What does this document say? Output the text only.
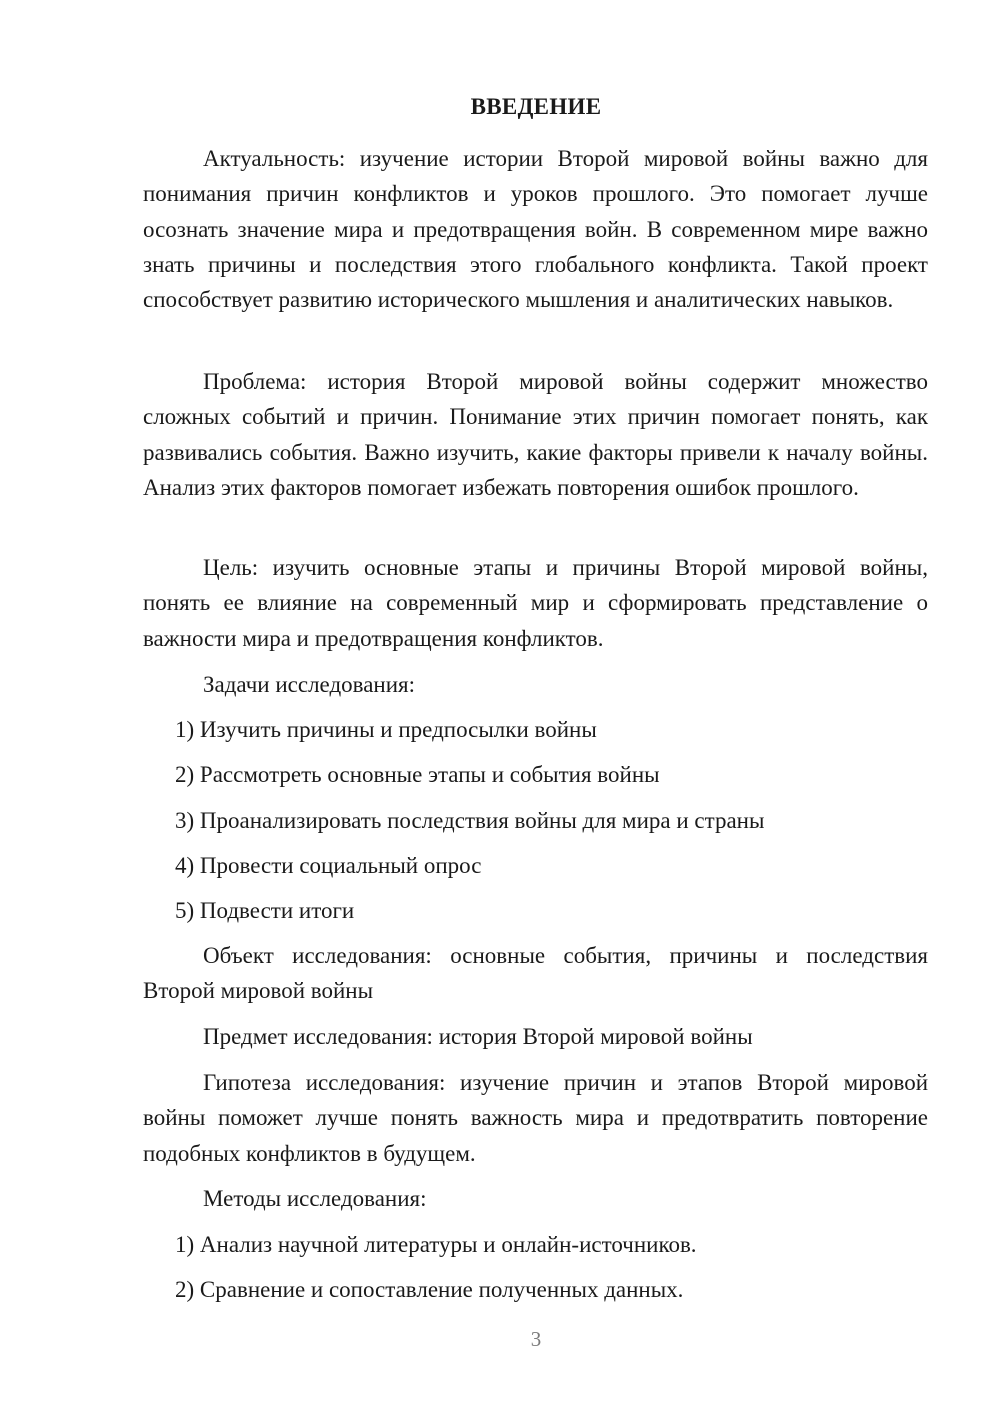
ВВЕДЕНИЕ

Актуальность: изучение истории Второй мировой войны важно для понимания причин конфликтов и уроков прошлого. Это помогает лучше осознать значение мира и предотвращения войн. В современном мире важно знать причины и последствия этого глобального конфликта. Такой проект способствует развитию исторического мышления и аналитических навыков.

Проблема: история Второй мировой войны содержит множество сложных событий и причин. Понимание этих причин помогает понять, как развивались события. Важно изучить, какие факторы привели к началу войны. Анализ этих факторов помогает избежать повторения ошибок прошлого.

Цель: изучить основные этапы и причины Второй мировой войны, понять ее влияние на современный мир и сформировать представление о важности мира и предотвращения конфликтов.

Задачи исследования:

1) Изучить причины и предпосылки войны

2) Рассмотреть основные этапы и события войны

3) Проанализировать последствия войны для мира и страны

4) Провести социальный опрос

5) Подвести итоги

Объект исследования: основные события, причины и последствия Второй мировой войны

Предмет исследования: история Второй мировой войны

Гипотеза исследования: изучение причин и этапов Второй мировой войны поможет лучше понять важность мира и предотвратить повторение подобных конфликтов в будущем.

Методы исследования:

1) Анализ научной литературы и онлайн-источников.

2) Сравнение и сопоставление полученных данных.

3
